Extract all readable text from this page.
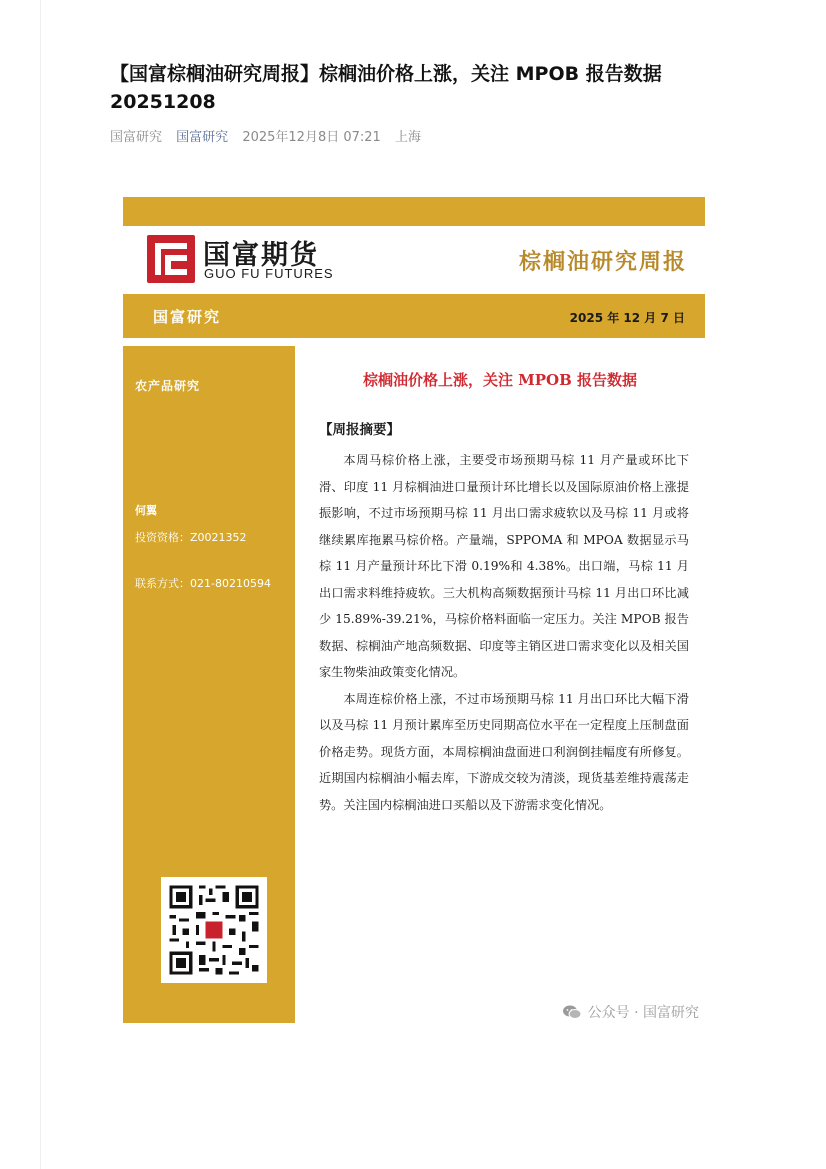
【国富棕榈油研究周报】棕榈油价格上涨，关注 MPOB 报告数据 20251208
国富研究 国富研究 2025年12月8日 07:21 上海
国富期货
GUO FU FUTURES	棕榈油研究周报
国富研究	2025 年 12 月 7 日
农产品研究
何翼
投资资格：Z0021352
联系方式：021-80210594
棕榈油价格上涨，关注 MPOB 报告数据
【周报摘要】

本周马棕价格上涨，主要受市场预期马棕 11 月产量或环比下滑、印度 11 月棕榈油进口量预计环比增长以及国际原油价格上涨提振影响，不过市场预期马棕 11 月出口需求疲软以及马棕 11 月或将继续累库拖累马棕价格。产量端，SPPOMA 和 MPOA 数据显示马棕 11 月产量预计环比下滑 0.19%和 4.38%。出口端，马棕 11 月出口需求料维持疲软。三大机构高频数据预计马棕 11 月出口环比减少 15.89%-39.21%，马棕价格料面临一定压力。关注 MPOB 报告数据、棕榈油产地高频数据、印度等主销区进口需求变化以及相关国家生物柴油政策变化情况。

本周连棕价格上涨，不过市场预期马棕 11 月出口环比大幅下滑以及马棕 11 月预计累库至历史同期高位水平在一定程度上压制盘面价格走势。现货方面，本周棕榈油盘面进口利润倒挂幅度有所修复。近期国内棕榈油小幅去库，下游成交较为清淡，现货基差维持震荡走势。关注国内棕榈油进口买船以及下游需求变化情况。

公众号 · 国富研究
